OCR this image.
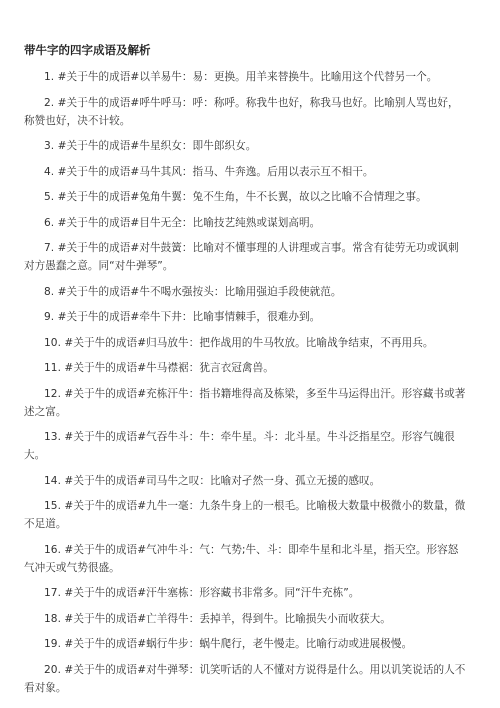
带牛字的四字成语及解析

1. #关于牛的成语#以羊易牛：易：更换。用羊来替换牛。比喻用这个代替另一个。

2. #关于牛的成语#呼牛呼马：呼：称呼。称我牛也好，称我马也好。比喻别人骂也好，称赞也好，决不计较。

3. #关于牛的成语#牛星织女：即牛郎织女。

4. #关于牛的成语#马牛其风：指马、牛奔逸。后用以表示互不相干。

5. #关于牛的成语#兔角牛翼：兔不生角，牛不长翼，故以之比喻不合情理之事。

6. #关于牛的成语#目牛无全：比喻技艺纯熟或谋划高明。

7. #关于牛的成语#对牛鼓簧：比喻对不懂事理的人讲理或言事。常含有徒劳无功或讽刺对方愚蠢之意。同“对牛弹琴”。

8. #关于牛的成语#牛不喝水强按头：比喻用强迫手段使就范。

9. #关于牛的成语#牵牛下井：比喻事情棘手，很难办到。

10. #关于牛的成语#归马放牛：把作战用的牛马牧放。比喻战争结束，不再用兵。

11. #关于牛的成语#牛马襟裾：犹言衣冠禽兽。

12. #关于牛的成语#充栋汗牛：指书籍堆得高及栋梁，多至牛马运得出汗。形容藏书或著述之富。

13. #关于牛的成语#气吞牛斗：牛：牵牛星。斗：北斗星。牛斗泛指星空。形容气魄很大。

14. #关于牛的成语#司马牛之叹：比喻对孑然一身、孤立无援的感叹。

15. #关于牛的成语#九牛一毫：九条牛身上的一根毛。比喻极大数量中极微小的数量，微不足道。

16. #关于牛的成语#气冲牛斗：气：气势;牛、斗：即牵牛星和北斗星，指天空。形容怒气冲天或气势很盛。

17. #关于牛的成语#汗牛塞栋：形容藏书非常多。同“汗牛充栋”。

18. #关于牛的成语#亡羊得牛：丢掉羊，得到牛。比喻损失小而收获大。

19. #关于牛的成语#蜗行牛步：蜗牛爬行，老牛慢走。比喻行动或进展极慢。

20. #关于牛的成语#对牛弹琴：讥笑听话的人不懂对方说得是什么。用以讥笑说话的人不看对象。
